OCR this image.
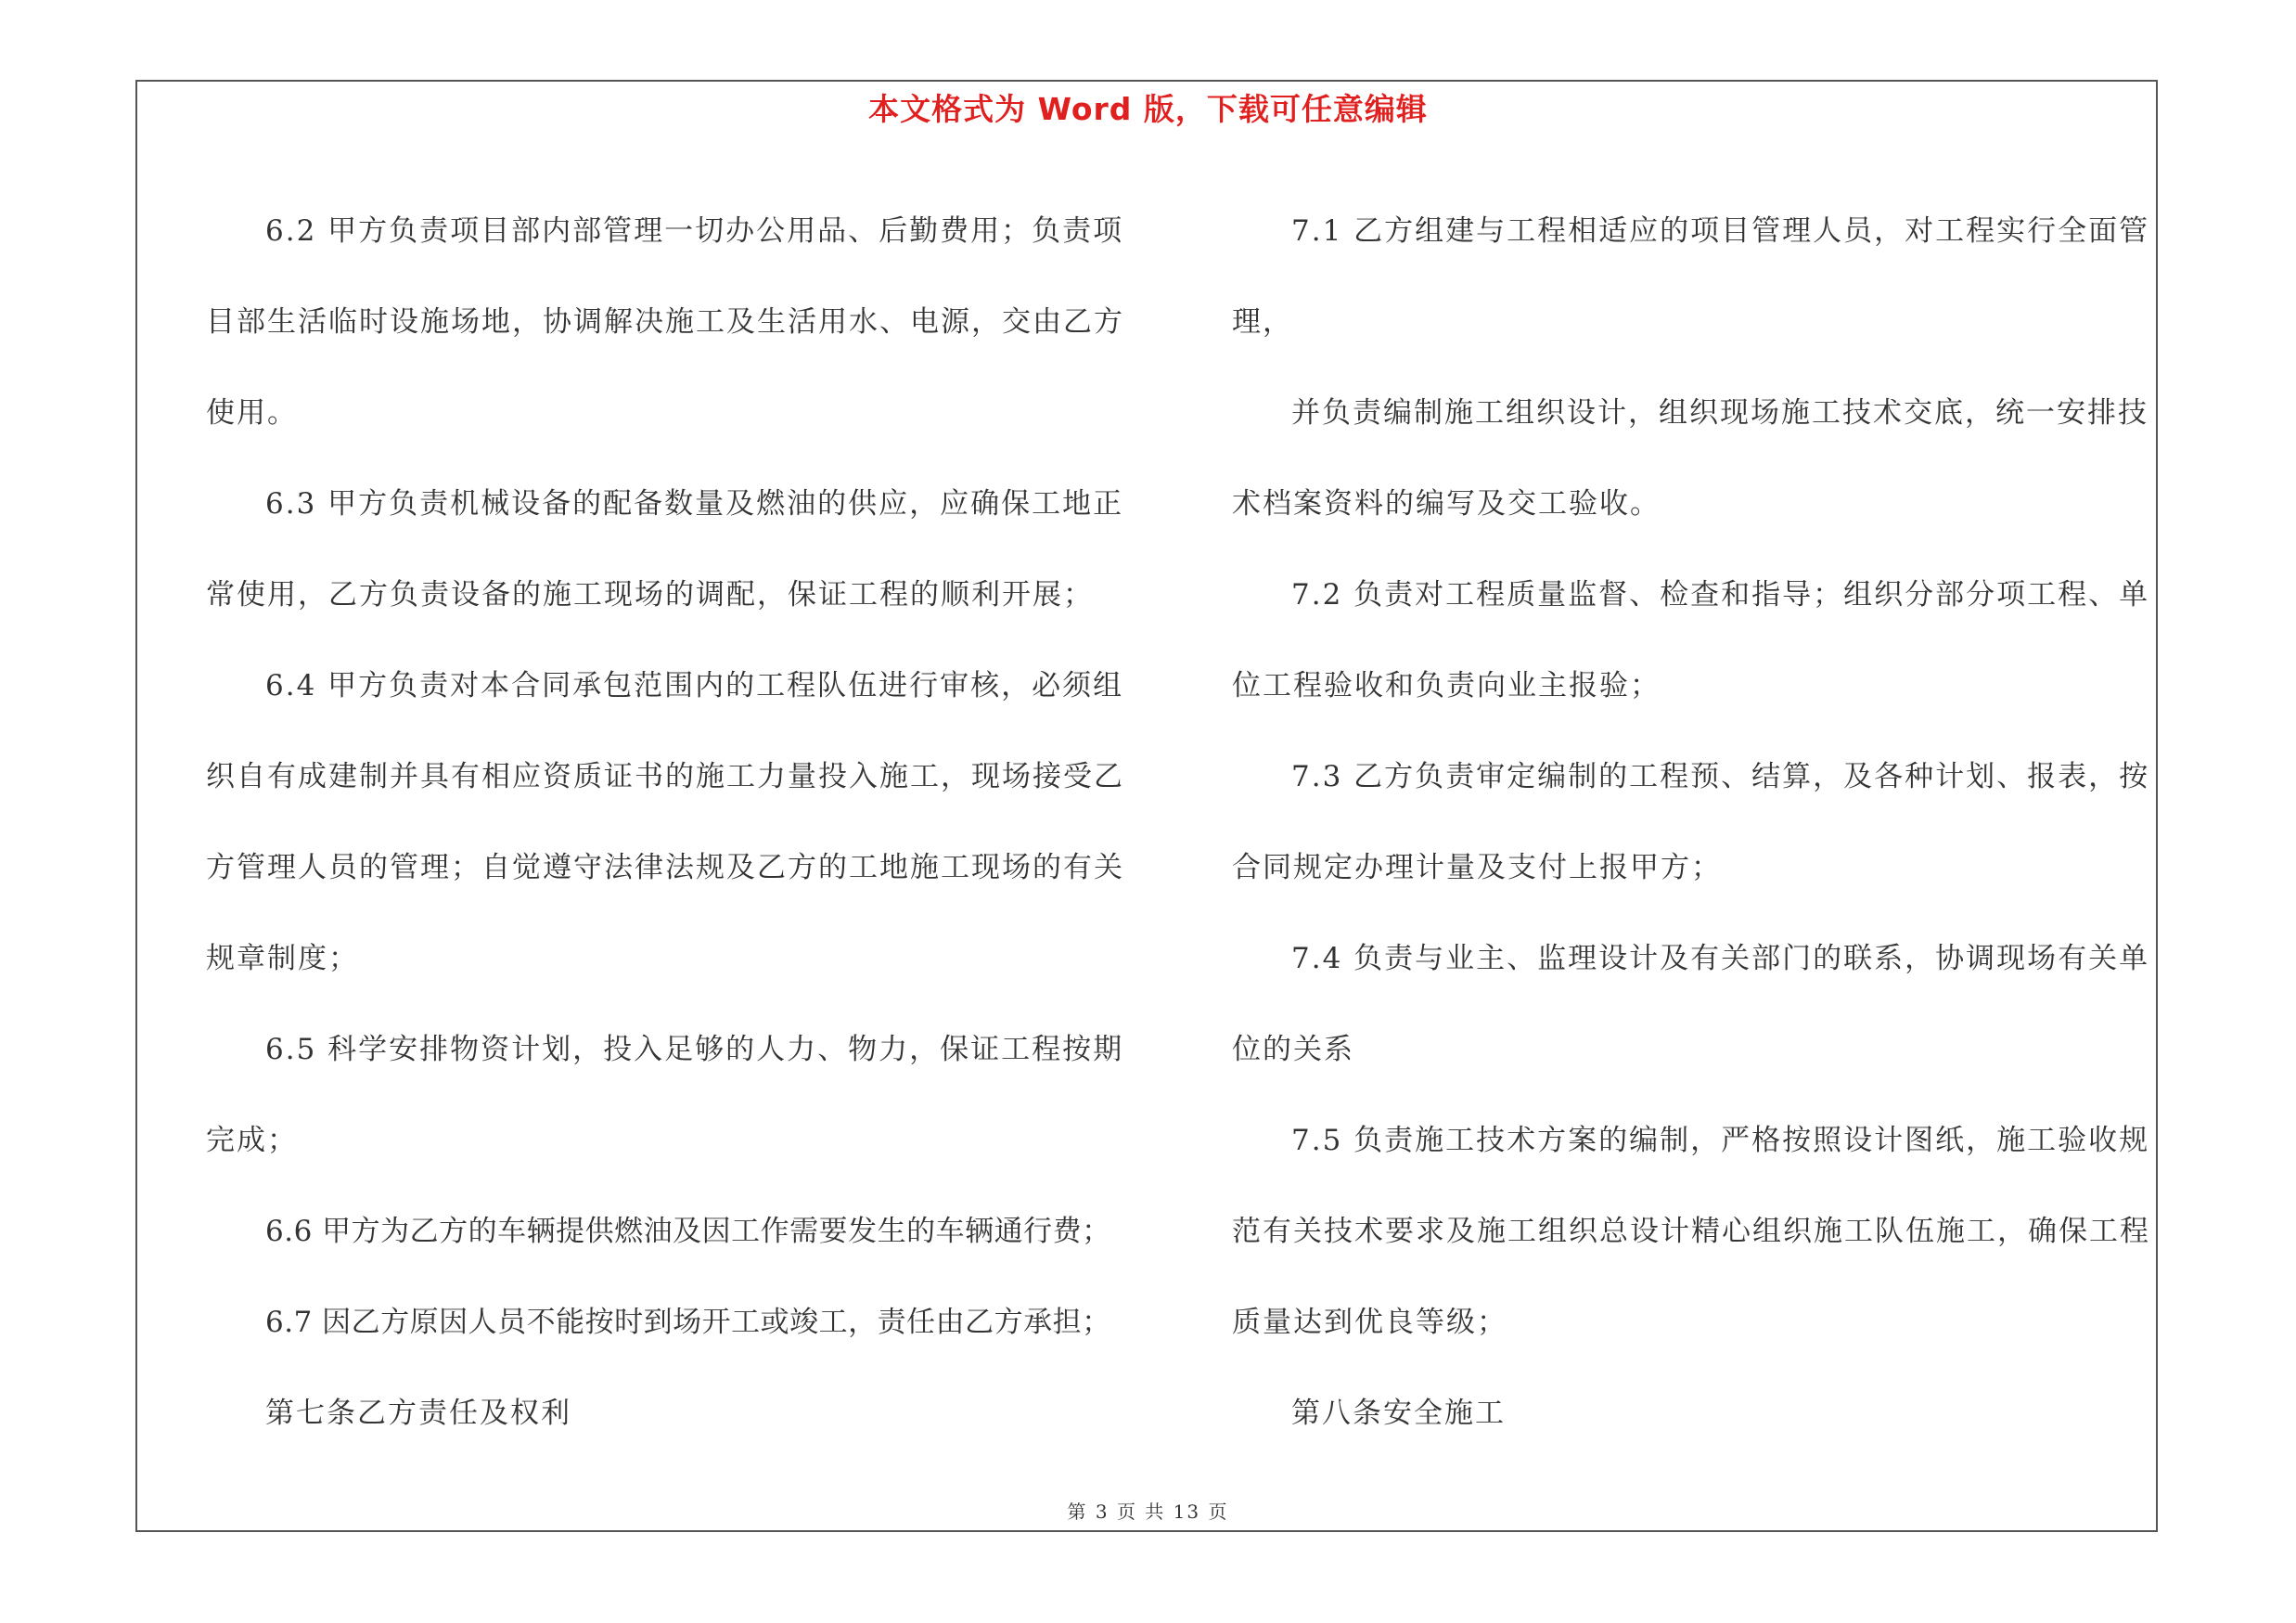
本文格式为 Word 版，下载可任意编辑
6.2 甲方负责项目部内部管理一切办公用品、后勤费用；负责项
目部生活临时设施场地，协调解决施工及生活用水、电源，交由乙方
使用。
6.3 甲方负责机械设备的配备数量及燃油的供应，应确保工地正
常使用，乙方负责设备的施工现场的调配，保证工程的顺利开展；
6.4 甲方负责对本合同承包范围内的工程队伍进行审核，必须组
织自有成建制并具有相应资质证书的施工力量投入施工，现场接受乙
方管理人员的管理；自觉遵守法律法规及乙方的工地施工现场的有关
规章制度；
6.5 科学安排物资计划，投入足够的人力、物力，保证工程按期
完成；
6.6 甲方为乙方的车辆提供燃油及因工作需要发生的车辆通行费；
6.7 因乙方原因人员不能按时到场开工或竣工，责任由乙方承担；
第七条乙方责任及权利
7.1 乙方组建与工程相适应的项目管理人员，对工程实行全面管
理，
并负责编制施工组织设计，组织现场施工技术交底，统一安排技
术档案资料的编写及交工验收。
7.2 负责对工程质量监督、检查和指导；组织分部分项工程、单
位工程验收和负责向业主报验；
7.3 乙方负责审定编制的工程预、结算，及各种计划、报表，按
合同规定办理计量及支付上报甲方；
7.4 负责与业主、监理设计及有关部门的联系，协调现场有关单
位的关系
7.5 负责施工技术方案的编制，严格按照设计图纸，施工验收规
范有关技术要求及施工组织总设计精心组织施工队伍施工，确保工程
质量达到优良等级；
第八条安全施工
第 3 页 共 13 页
